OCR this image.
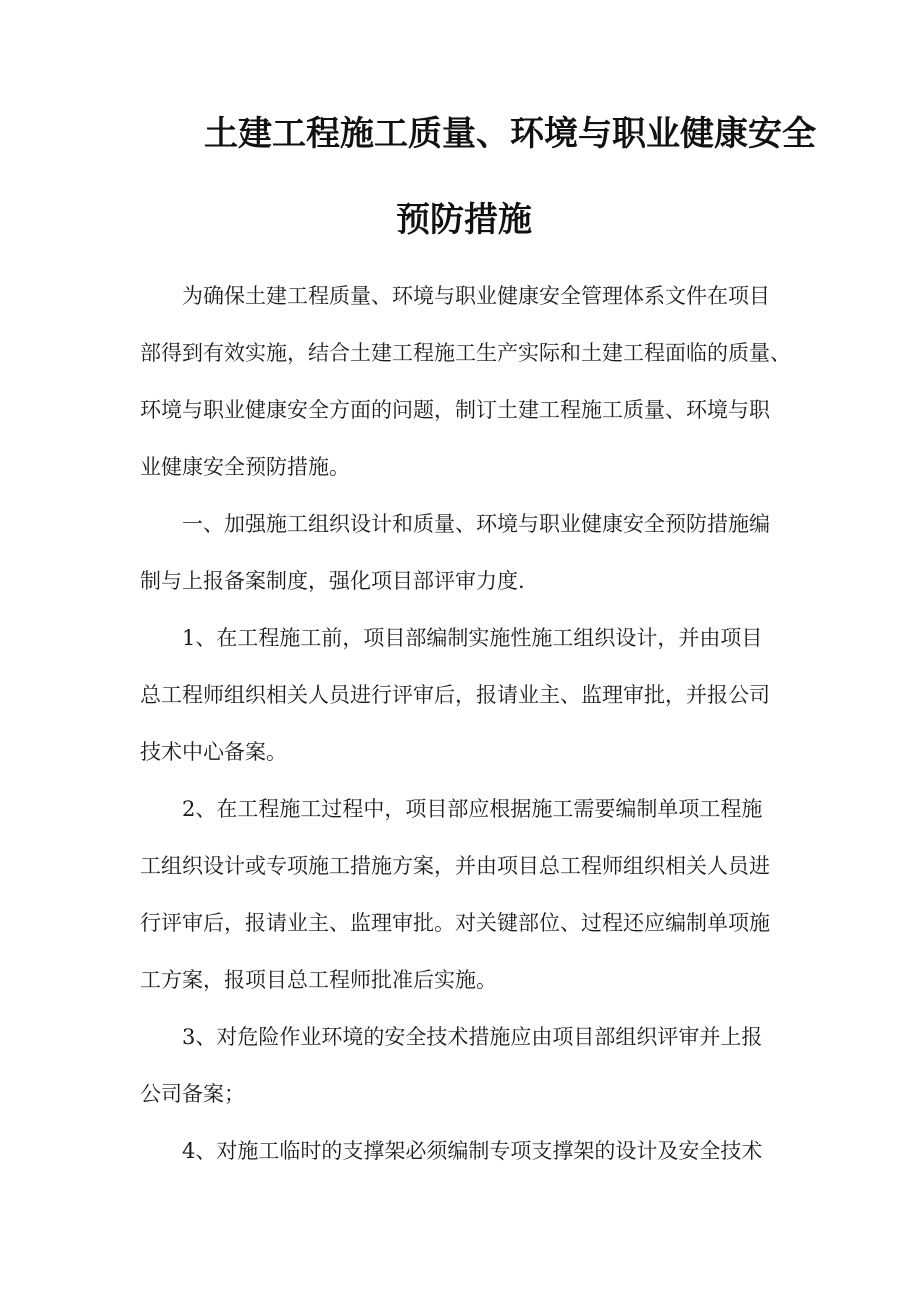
土建工程施工质量、环境与职业健康安全
预防措施
为确保土建工程质量、环境与职业健康安全管理体系文件在项目
部得到有效实施，结合土建工程施工生产实际和土建工程面临的质量、
环境与职业健康安全方面的问题，制订土建工程施工质量、环境与职
业健康安全预防措施。
一、加强施工组织设计和质量、环境与职业健康安全预防措施编
制与上报备案制度，强化项目部评审力度.
1、在工程施工前，项目部编制实施性施工组织设计，并由项目
总工程师组织相关人员进行评审后，报请业主、监理审批，并报公司
技术中心备案。
2、在工程施工过程中，项目部应根据施工需要编制单项工程施
工组织设计或专项施工措施方案，并由项目总工程师组织相关人员进
行评审后，报请业主、监理审批。对关键部位、过程还应编制单项施
工方案，报项目总工程师批准后实施。
3、对危险作业环境的安全技术措施应由项目部组织评审并上报
公司备案；
4、对施工临时的支撑架必须编制专项支撑架的设计及安全技术
